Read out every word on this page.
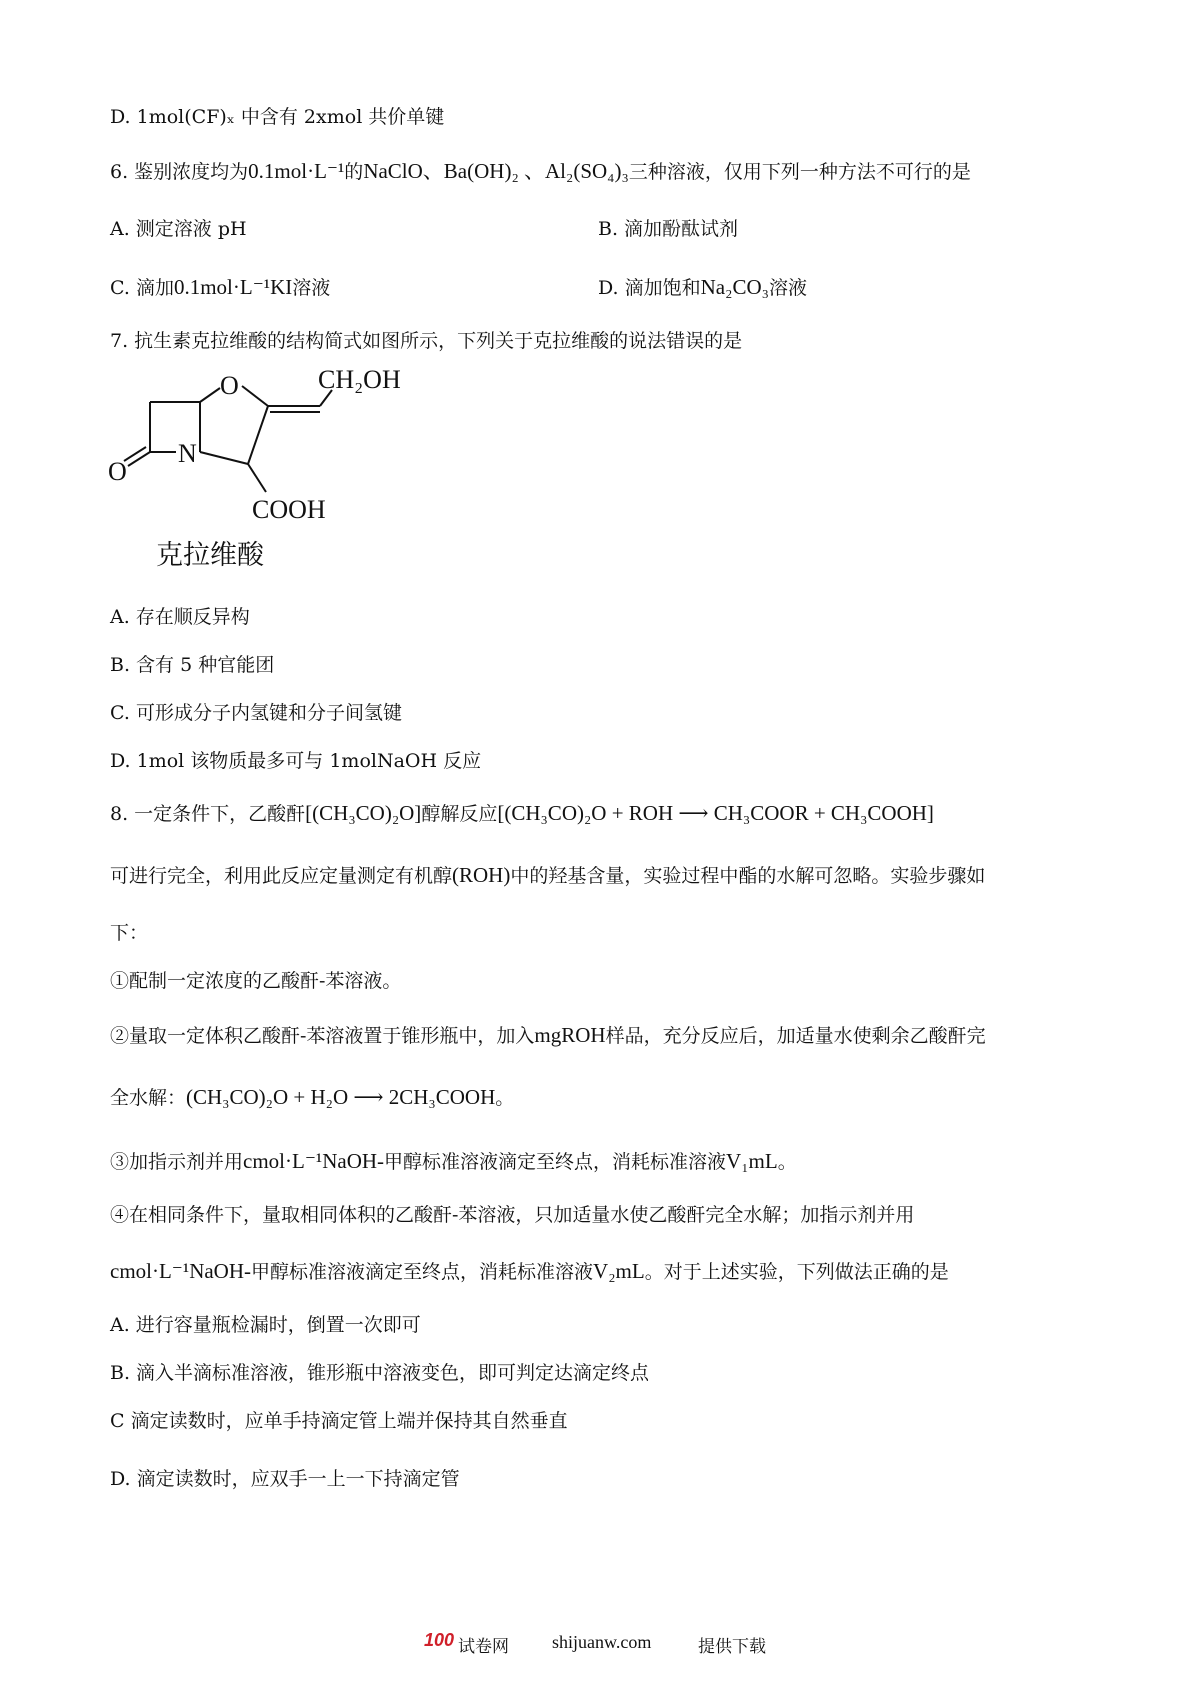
D. 1mol(CF)ₓ 中含有 2xmol 共价单键
6. 鉴别浓度均为0.1mol·L⁻¹的NaClO、Ba(OH)₂ 、Al₂(SO₄)₃三种溶液，仅用下列一种方法不可行的是
A. 测定溶液 pH	B. 滴加酚酞试剂
C. 滴加0.1mol·L⁻¹KI溶液	D. 滴加饱和Na₂CO₃溶液
7. 抗生素克拉维酸的结构简式如图所示，下列关于克拉维酸的说法错误的是
O	CH₂OH
N
O
COOH
克拉维酸
A. 存在顺反异构
B. 含有 5 种官能团
C. 可形成分子内氢键和分子间氢键
D. 1mol 该物质最多可与 1molNaOH 反应
8. 一定条件下，乙酸酐[(CH₃CO)₂O]醇解反应[(CH₃CO)₂O + ROH ⟶ CH₃COOR + CH₃COOH]
可进行完全，利用此反应定量测定有机醇(ROH)中的羟基含量，实验过程中酯的水解可忽略。实验步骤如
下：
①配制一定浓度的乙酸酐-苯溶液。
②量取一定体积乙酸酐-苯溶液置于锥形瓶中，加入mgROH样品，充分反应后，加适量水使剩余乙酸酐完
全水解：(CH₃CO)₂O + H₂O ⟶ 2CH₃COOH。
③加指示剂并用cmol·L⁻¹NaOH-甲醇标准溶液滴定至终点，消耗标准溶液V₁mL。
④在相同条件下，量取相同体积的乙酸酐-苯溶液，只加适量水使乙酸酐完全水解；加指示剂并用
cmol·L⁻¹NaOH-甲醇标准溶液滴定至终点，消耗标准溶液V₂mL。对于上述实验，下列做法正确的是
A. 进行容量瓶检漏时，倒置一次即可
B. 滴入半滴标准溶液，锥形瓶中溶液变色，即可判定达滴定终点
C 滴定读数时，应单手持滴定管上端并保持其自然垂直
D. 滴定读数时，应双手一上一下持滴定管
100 试卷网 shijuanw.com	提供下载
